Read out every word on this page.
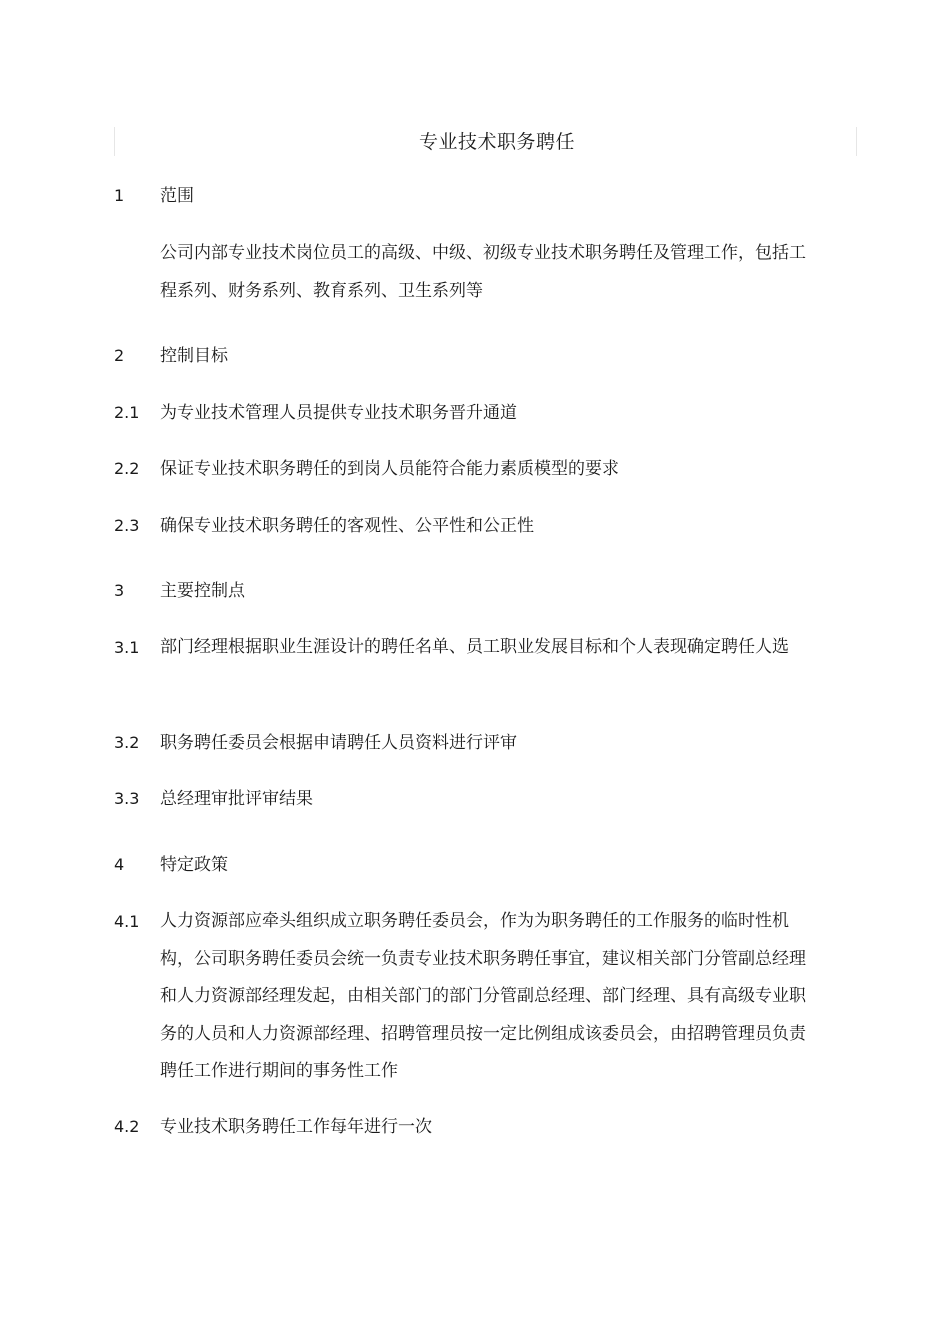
专业技术职务聘任
1	范围
公司内部专业技术岗位员工的高级、中级、初级专业技术职务聘任及管理工作，包括工程系列、财务系列、教育系列、卫生系列等
2	控制目标
2.1	为专业技术管理人员提供专业技术职务晋升通道
2.2	保证专业技术职务聘任的到岗人员能符合能力素质模型的要求
2.3	确保专业技术职务聘任的客观性、公平性和公正性
3	主要控制点
3.1	部门经理根据职业生涯设计的聘任名单、员工职业发展目标和个人表现确定聘任人选
3.2	职务聘任委员会根据申请聘任人员资料进行评审
3.3	总经理审批评审结果
4	特定政策
4.1	人力资源部应牵头组织成立职务聘任委员会，作为为职务聘任的工作服务的临时性机构，公司职务聘任委员会统一负责专业技术职务聘任事宜，建议相关部门分管副总经理和人力资源部经理发起，由相关部门的部门分管副总经理、部门经理、具有高级专业职务的人员和人力资源部经理、招聘管理员按一定比例组成该委员会，由招聘管理员负责聘任工作进行期间的事务性工作
4.2	专业技术职务聘任工作每年进行一次
